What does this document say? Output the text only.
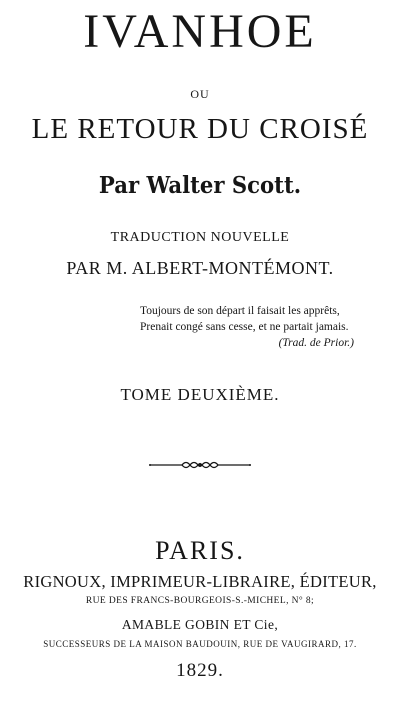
IVANHOE
OU
LE RETOUR DU CROISÉ
Par Walter Scott.
TRADUCTION NOUVELLE
PAR M. ALBERT-MONTÉMONT.
Toujours de son départ il faisait les apprêts,
Prenait congé sans cesse, et ne partait jamais.
(Trad. de Prior.)
TOME DEUXIÈME.
PARIS.
RIGNOUX, IMPRIMEUR-LIBRAIRE, ÉDITEUR,
RUE DES FRANCS-BOURGEOIS-S.-MICHEL, N° 8;
AMABLE GOBIN ET Cie,
SUCCESSEURS DE LA MAISON BAUDOUIN, RUE DE VAUGIRARD, 17.
1829.
